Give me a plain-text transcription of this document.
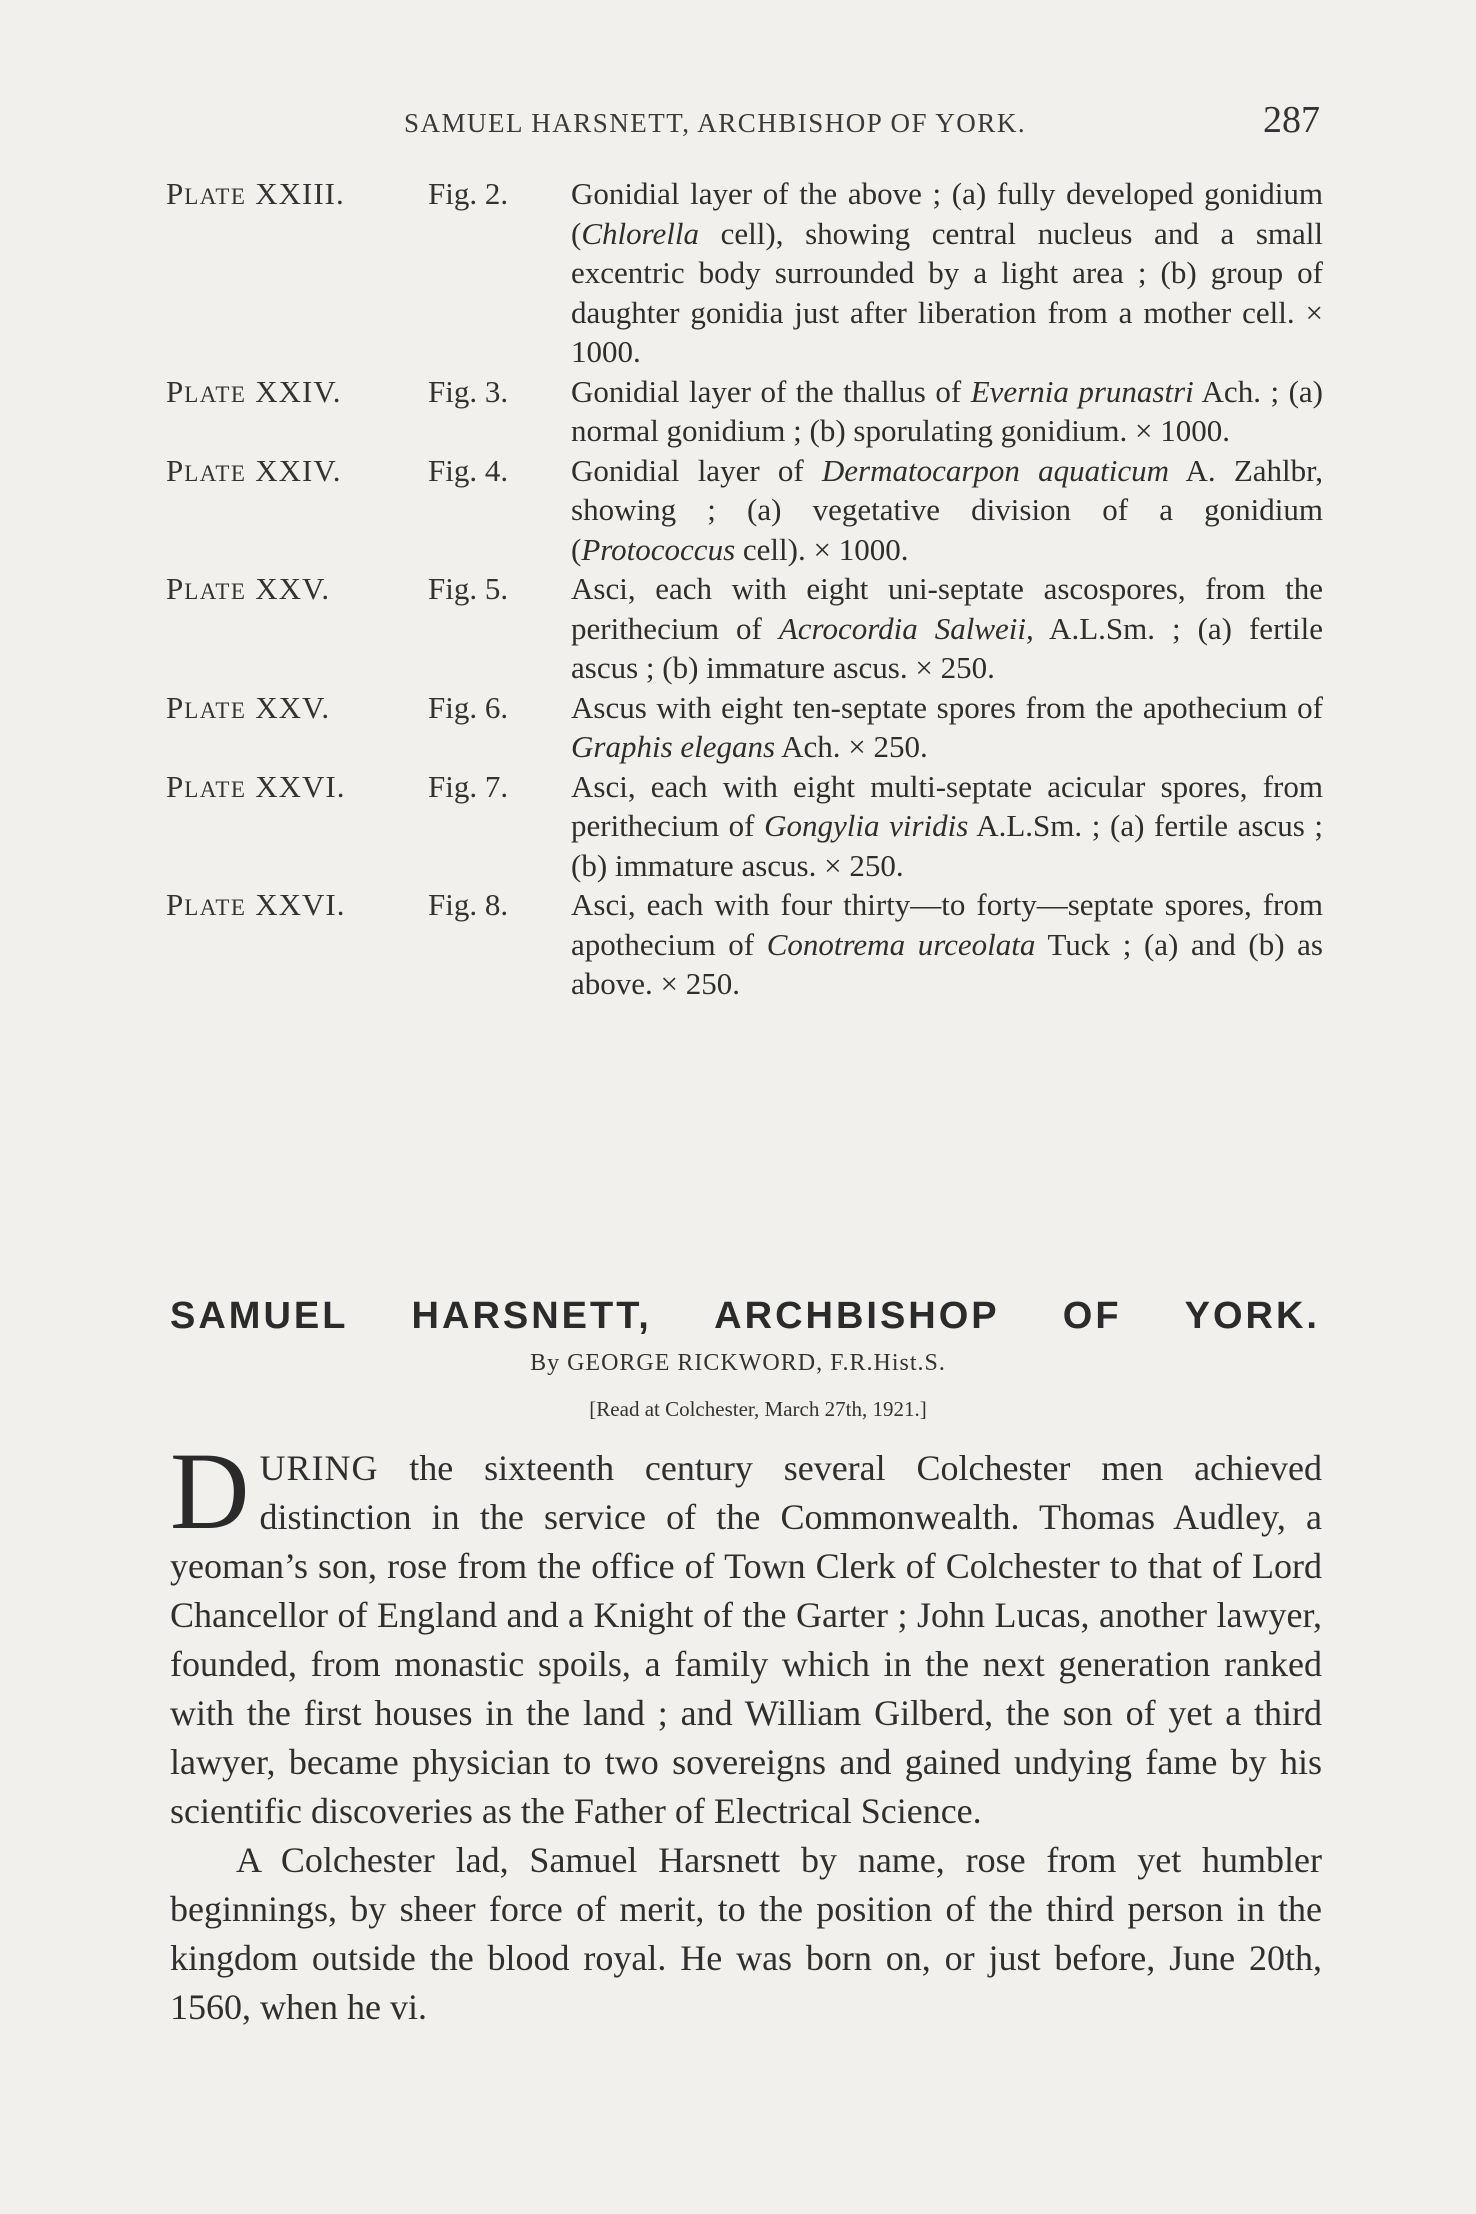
SAMUEL HARSNETT, ARCHBISHOP OF YORK.	287
PLATE XXIII.	Fig. 2.	Gonidial layer of the above ; (a) fully developed gonidium (Chlorella cell), showing central nucleus and a small excentric body surrounded by a light area ; (b) group of daughter gonidia just after liberation from a mother cell. × 1000.
PLATE XXIV.	Fig. 3.	Gonidial layer of the thallus of Evernia prunastri Ach. ; (a) normal gonidium ; (b) sporulating gonidium. × 1000.
PLATE XXIV.	Fig. 4.	Gonidial layer of Dermatocarpon aquaticum A. Zahlbr, showing ; (a) vegetative division of a gonidium (Protococcus cell). × 1000.
PLATE XXV.	Fig. 5.	Asci, each with eight uni-septate ascospores, from the perithecium of Acrocordia Salweii, A.L.Sm. ; (a) fertile ascus ; (b) immature ascus. × 250.
PLATE XXV.	Fig. 6.	Ascus with eight ten-septate spores from the apothecium of Graphis elegans Ach. × 250.
PLATE XXVI.	Fig. 7.	Asci, each with eight multi-septate acicular spores, from perithecium of Gongylia viridis A.L.Sm. ; (a) fertile ascus ; (b) immature ascus. × 250.
PLATE XXVI.	Fig. 8.	Asci, each with four thirty—to forty—septate spores, from apothecium of Conotrema urceolata Tuck ; (a) and (b) as above. × 250.
SAMUEL HARSNETT, ARCHBISHOP OF YORK.
By GEORGE RICKWORD, F.R.Hist.S.
[Read at Colchester, March 27th, 1921.]

DURING the sixteenth century several Colchester men achieved distinction in the service of the Commonwealth. Thomas Audley, a yeoman’s son, rose from the office of Town Clerk of Colchester to that of Lord Chancellor of England and a Knight of the Garter ; John Lucas, another lawyer, founded, from monastic spoils, a family which in the next generation ranked with the first houses in the land ; and William Gilberd, the son of yet a third lawyer, became physician to two sovereigns and gained undying fame by his scientific discoveries as the Father of Electrical Science.

A Colchester lad, Samuel Harsnett by name, rose from yet humbler beginnings, by sheer force of merit, to the position of the third person in the kingdom outside the blood royal. He was born on, or just before, June 20th, 1560, when he vi.
